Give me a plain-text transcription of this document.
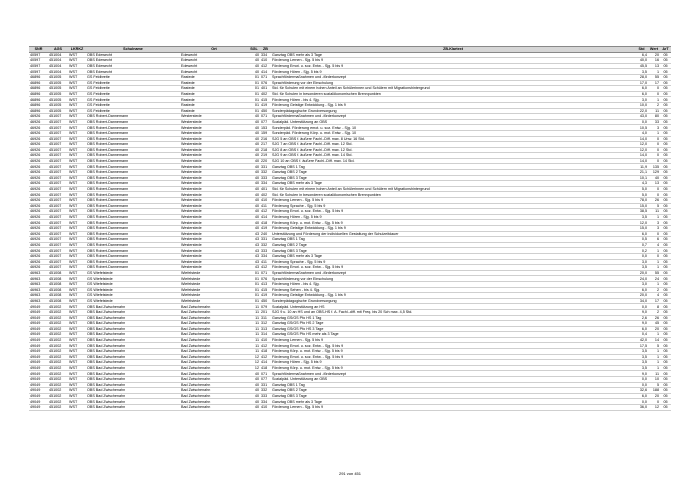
SNR	AGS	LKRKZ	Schulname	Ort	SGL	ZB	ZB-Klartext	Std	Wert	ArT
40597	451004	WST	OBS Edewecht	Edewecht	40	334	Ganztag OBS mehr als 3 Tage	6,4	20	05
40597	451004	WST	OBS Edewecht	Edewecht	40	410	Förderung Lernen - Sjg. 5 bis 9	40,0	16	05
40597	451004	WST	OBS Edewecht	Edewecht	40	412	Förderung Emot. u. soz. Entw. - Sjg. 5 bis 9	45,5	13	05
40597	451004	WST	OBS Edewecht	Edewecht	40	414	Förderung Hören - Sjg. 5 bis 9	3,5	1	05
46896	451005	WST	GS Feldbreite	Rastede	01	071	Sprachfördermaßnahmen und -förderkonzept	28,0	55	05
46896	451005	WST	GS Feldbreite	Rastede	01	076	Sprachförderung vor der Einschulung	17,0	17	05
46896	451005	WST	GS Feldbreite	Rastede	01	401	Std. für Schulen mit einem hohen Anteil an Schülerinnen und Schülern mit Migrationshintergrund	6,0	0	05
46896	451005	WST	GS Feldbreite	Rastede	01	402	Std. für Schulen in besonderen sozialökonomischen Brennpunkten	6,0	0	05
46896	451005	WST	GS Feldbreite	Rastede	01	415	Förderung Hören - bis 4. Sjg.	3,0	1	05
46896	451005	WST	GS Feldbreite	Rastede	01	419	Förderung Geistige Entwicklung - Sjg. 1 bis 9	10,0	2	05
46896	451005	WST	GS Feldbreite	Rastede	01	450	Sonderpädagogische Grundversorgung	22,0	11	05
46926	451007	WST	OBS Robert-Dannemann	Westerstede	40	071	Sprachfördermaßnahmen und -förderkonzept	43,0	80	05
46926	451007	WST	OBS Robert-Dannemann	Westerstede	40	077	Sozialpäd. Unterstützung an OBS	0,0	33	05
46926	451007	WST	OBS Robert-Dannemann	Westerstede	40	153	Sonderpäd. Förderung emot. u. soz. Entw. - Sjg. 10	10,5	3	05
46926	451007	WST	OBS Robert-Dannemann	Westerstede	40	159	Sonderpäd. Förderung Körp. u. mot. Entw. - Sjg. 10	4,0	1	05
46926	451007	WST	OBS Robert-Dannemann	Westerstede	40	216	SJG 5 an OBS f. äußere Fachl.-Diff. max. 8 Unw. 16 Std.	14,0	0	05
46926	451007	WST	OBS Robert-Dannemann	Westerstede	40	217	SJG 7 an OBS f. äußere Fachl.-Diff. max. 12 Std.	12,0	0	05
46926	451007	WST	OBS Robert-Dannemann	Westerstede	40	218	SJG 8 an OBS f. äußere Fachl.-Diff. max. 12 Std.	12,0	0	05
46926	451007	WST	OBS Robert-Dannemann	Westerstede	40	219	SJG 9 an OBS f. äußere Fachl.-Diff. max. 14 Std.	14,0	0	05
46926	451007	WST	OBS Robert-Dannemann	Westerstede	40	220	SJG 10 an OBS f. äußere Fachl.-Diff. max. 14 Std.	14,0	0	05
46926	451007	WST	OBS Robert-Dannemann	Westerstede	40	331	Ganztag OBS 1 Tag	11,9	135	05
46926	451007	WST	OBS Robert-Dannemann	Westerstede	40	332	Ganztag OBS 2 Tage	21,1	129	05
46926	451007	WST	OBS Robert-Dannemann	Westerstede	40	333	Ganztag OBS 3 Tage	10,1	40	05
46926	451007	WST	OBS Robert-Dannemann	Westerstede	40	334	Ganztag OBS mehr als 3 Tage	4,3	13	05
46926	451007	WST	OBS Robert-Dannemann	Westerstede	40	401	Std. für Schulen mit einem hohen Anteil an Schülerinnen und Schülern mit Migrationshintergrund	5,0	0	05
46926	451007	WST	OBS Robert-Dannemann	Westerstede	40	402	Std. für Schulen in besonderen sozialökonomischen Brennpunkten	5,0	0	05
46926	451007	WST	OBS Robert-Dannemann	Westerstede	40	410	Förderung Lernen - Sjg. 5 bis 9	78,0	26	05
46926	451007	WST	OBS Robert-Dannemann	Westerstede	40	411	Förderung Sprache - Sjg. 5 bis 9	15,0	5	05
46926	451007	WST	OBS Robert-Dannemann	Westerstede	40	412	Förderung Emot. u. soz. Entw. - Sjg. 5 bis 9	38,5	11	05
46926	451007	WST	OBS Robert-Dannemann	Westerstede	40	414	Förderung Hören - Sjg. 5 bis 9	3,5	1	05
46926	451007	WST	OBS Robert-Dannemann	Westerstede	40	418	Förderung Körp. u. mot. Entw. - Sjg. 5 bis 9	12,0	3	05
46926	451007	WST	OBS Robert-Dannemann	Westerstede	40	419	Förderung Geistige Entwicklung - Sjg. 1 bis 9	15,0	3	05
46926	451007	WST	OBS Robert-Dannemann	Westerstede	43	240	Unterstützung und Förderung der individuellen Gestaltung der Schulzeitdauer	6,0	0	05
46926	451007	WST	OBS Robert-Dannemann	Westerstede	43	331	Ganztag OBS 1 Tag	0,5	6	05
46926	451007	WST	OBS Robert-Dannemann	Westerstede	43	332	Ganztag OBS 2 Tage	0,7	4	05
46926	451007	WST	OBS Robert-Dannemann	Westerstede	43	333	Ganztag OBS 3 Tage	0,2	1	05
46926	451007	WST	OBS Robert-Dannemann	Westerstede	43	334	Ganztag OBS mehr als 3 Tage	0,0	0	05
46926	451007	WST	OBS Robert-Dannemann	Westerstede	43	411	Förderung Sprache - Sjg. 5 bis 9	3,0	1	05
46926	451007	WST	OBS Robert-Dannemann	Westerstede	43	412	Förderung Emot. u. soz. Entw. - Sjg. 5 bis 9	3,5	1	05
46963	451008	WST	GS Wiefelstede	Wiefelstede	01	071	Sprachfördermaßnahmen und -förderkonzept	20,0	55	05
46963	451008	WST	GS Wiefelstede	Wiefelstede	01	076	Sprachförderung vor der Einschulung	24,0	24	05
46963	451008	WST	GS Wiefelstede	Wiefelstede	01	413	Förderung Hören - bis 4. Sjg.	3,0	1	05
46963	451008	WST	GS Wiefelstede	Wiefelstede	01	415	Förderung Sehen - bis 4. Sjg.	6,0	2	05
46963	451008	WST	GS Wiefelstede	Wiefelstede	01	419	Förderung Geistige Entwicklung - Sjg. 1 bis 9	20,0	4	05
46963	451008	WST	GS Wiefelstede	Wiefelstede	01	450	Sonderpädagogische Grundversorgung	34,0	17	05
49049	451002	WST	OBS Bad Zwischenahn	Bad Zwischenahn	11	079	Sozialpäd. Unterstützung an HS	0,0	8	05
49049	451002	WST	OBS Bad Zwischenahn	Bad Zwischenahn	11	201	SJG 9 u. 10 an HS und an OBS-HS f. A. Fachl.-diff. mit Freq. bis 20 Sch max. 4,5 Std.	9,0	2	05
49049	451002	WST	OBS Bad Zwischenahn	Bad Zwischenahn	11	311	Ganztag GS/GS Pfo HS 1 Tag	2,6	26	05
49049	451002	WST	OBS Bad Zwischenahn	Bad Zwischenahn	11	312	Ganztag GS/GS Pfo HS 2 Tage	9,0	45	05
49049	451002	WST	OBS Bad Zwischenahn	Bad Zwischenahn	11	313	Ganztag GS/GS Pfo HS 3 Tage	6,0	20	05
49049	451002	WST	OBS Bad Zwischenahn	Bad Zwischenahn	11	314	Ganztag GS/GS Pfo HS mehr als 3 Tage	0,4	1	05
49049	451002	WST	OBS Bad Zwischenahn	Bad Zwischenahn	11	410	Förderung Lernen - Sjg. 5 bis 9	42,0	14	05
49049	451002	WST	OBS Bad Zwischenahn	Bad Zwischenahn	11	412	Förderung Emot. u. soz. Entw. - Sjg. 5 bis 9	17,5	5	05
49049	451002	WST	OBS Bad Zwischenahn	Bad Zwischenahn	11	418	Förderung Körp. u. mot. Entw. - Sjg. 5 bis 9	3,5	1	05
49049	451002	WST	OBS Bad Zwischenahn	Bad Zwischenahn	12	412	Förderung Emot. u. soz. Entw. - Sjg. 5 bis 9	3,5	1	05
49049	451002	WST	OBS Bad Zwischenahn	Bad Zwischenahn	12	414	Förderung Hören - Sjg. 5 bis 9	3,5	1	05
49049	451002	WST	OBS Bad Zwischenahn	Bad Zwischenahn	12	418	Förderung Körp. u. mot. Entw. - Sjg. 5 bis 9	3,5	1	05
49049	451002	WST	OBS Bad Zwischenahn	Bad Zwischenahn	40	071	Sprachfördermaßnahmen und -förderkonzept	9,0	11	05
49049	451002	WST	OBS Bad Zwischenahn	Bad Zwischenahn	40	077	Sozialpäd. Unterstützung an OBS	0,0	10	05
49049	451002	WST	OBS Bad Zwischenahn	Bad Zwischenahn	40	331	Ganztag OBS 1 Tag	0,0	5	05
49049	451002	WST	OBS Bad Zwischenahn	Bad Zwischenahn	40	332	Ganztag OBS 2 Tage	32,6	188	05
49049	451002	WST	OBS Bad Zwischenahn	Bad Zwischenahn	40	333	Ganztag OBS 3 Tage	6,0	20	05
49049	451002	WST	OBS Bad Zwischenahn	Bad Zwischenahn	40	334	Ganztag OBS mehr als 3 Tage	0,0	0	05
49049	451002	WST	OBS Bad Zwischenahn	Bad Zwischenahn	40	410	Förderung Lernen - Sjg. 5 bis 9	36,0	12	05
291 von 451
